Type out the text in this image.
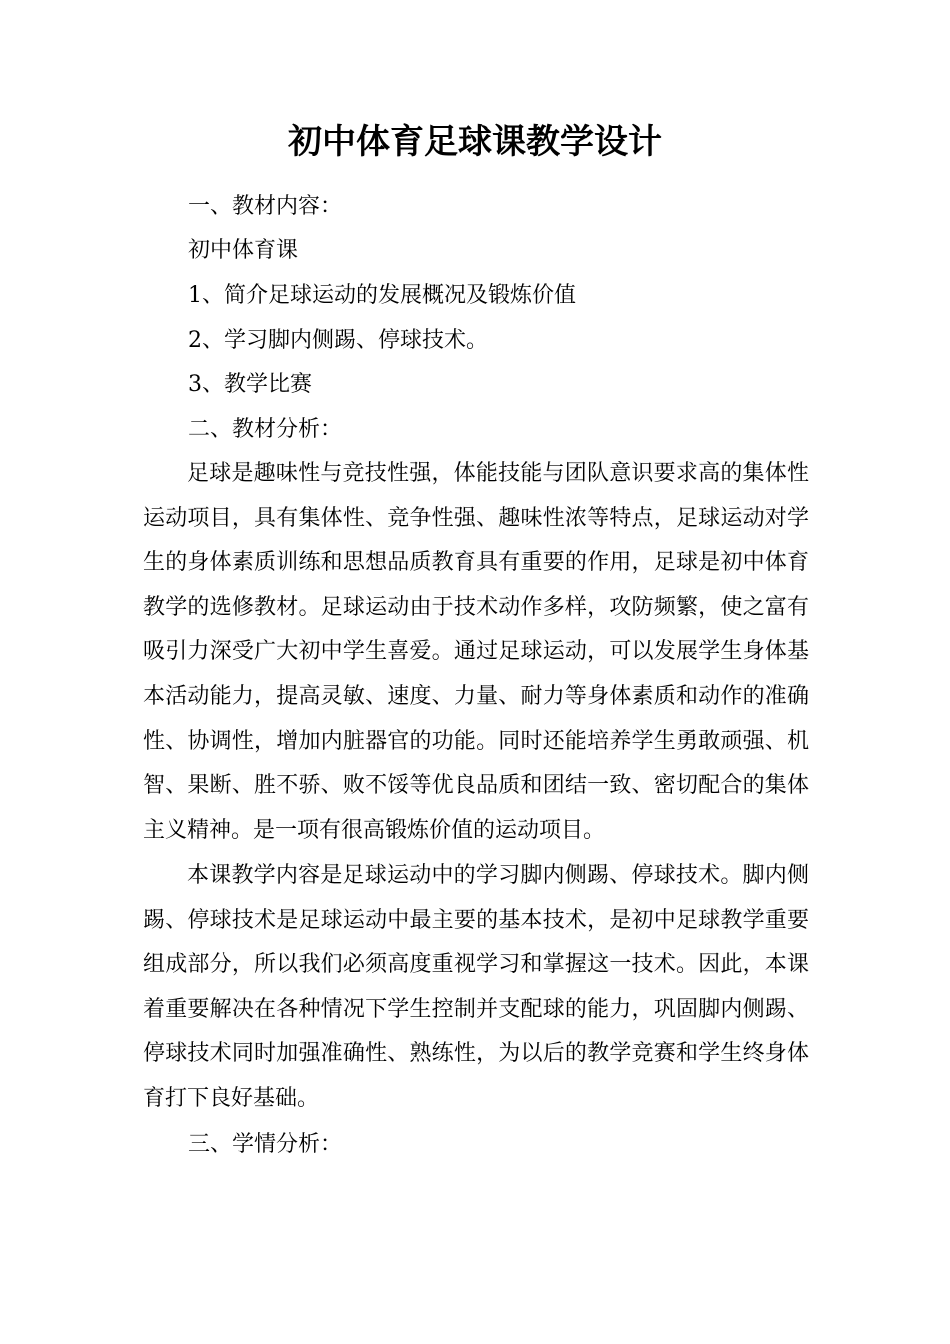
初中体育足球课教学设计
一、教材内容：
初中体育课
1、简介足球运动的发展概况及锻炼价值
2、学习脚内侧踢、停球技术。
3、教学比赛
二、教材分析：
足球是趣味性与竞技性强，体能技能与团队意识要求高的集体性运动项目，具有集体性、竞争性强、趣味性浓等特点，足球运动对学生的身体素质训练和思想品质教育具有重要的作用，足球是初中体育教学的选修教材。足球运动由于技术动作多样，攻防频繁，使之富有吸引力深受广大初中学生喜爱。通过足球运动，可以发展学生身体基本活动能力，提高灵敏、速度、力量、耐力等身体素质和动作的准确性、协调性，增加内脏器官的功能。同时还能培养学生勇敢顽强、机智、果断、胜不骄、败不馁等优良品质和团结一致、密切配合的集体主义精神。是一项有很高锻炼价值的运动项目。
本课教学内容是足球运动中的学习脚内侧踢、停球技术。脚内侧踢、停球技术是足球运动中最主要的基本技术，是初中足球教学重要组成部分，所以我们必须高度重视学习和掌握这一技术。因此，本课着重要解决在各种情况下学生控制并支配球的能力，巩固脚内侧踢、停球技术同时加强准确性、熟练性，为以后的教学竞赛和学生终身体育打下良好基础。
三、学情分析：
